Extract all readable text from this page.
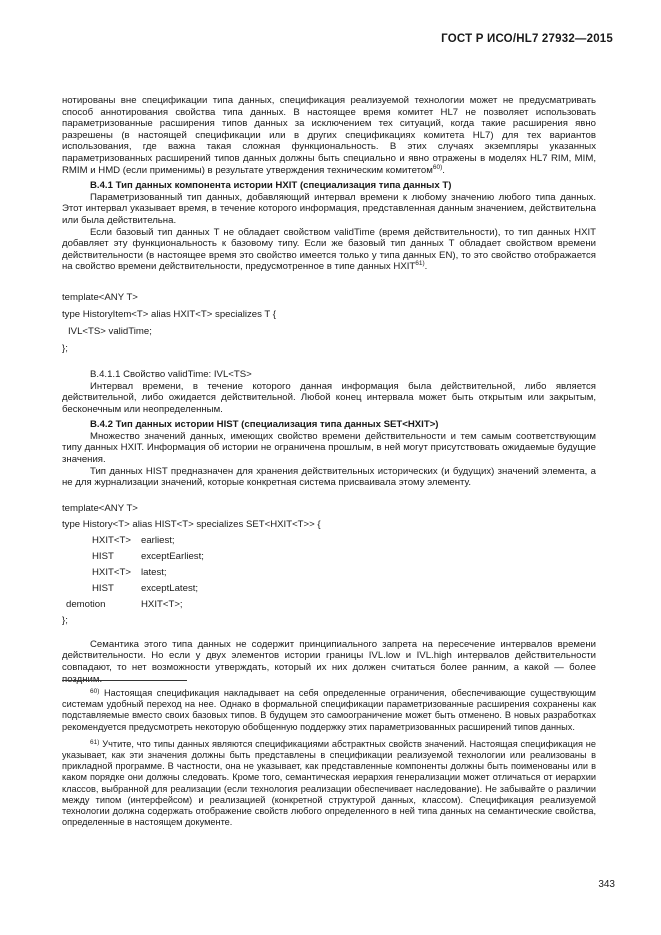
ГОСТ Р ИСО/HL7 27932—2015

нотированы вне спецификации типа данных, спецификация реализуемой технологии может не предусматривать способ аннотирования свойства типа данных. В настоящее время комитет HL7 не позволяет использовать параметризованные расширения типов данных за исключением тех ситуаций, когда такие расширения явно разрешены (в настоящей спецификации или в других спецификациях комитета HL7) для тех вариантов использования, где важна такая сложная функциональность. В этих случаях экземпляры указанных параметризованных расширений типов данных должны быть специально и явно отражены в моделях HL7 RIM, MIM, RMIM и HMD (если применимы) в результате утверждения техническим комитетом$^{60)}$.

B.4.1 Тип данных компонента истории HXIT (специализация типа данных Т)

Параметризованный тип данных, добавляющий интервал времени к любому значению любого типа данных. Этот интервал указывает время, в течение которого информация, представленная данным значением, действительна или была действительна.

Если базовый тип данных Т не обладает свойством validTime (время действительности), то тип данных HXIT добавляет эту функциональность к базовому типу. Если же базовый тип данных Т обладает свойством времени действительности (в настоящее время это свойство имеется только у типа данных EN), то это свойство отображается на свойство времени действительности, предусмотренное в типе данных HXIT$^{61)}$.

template<ANY T>
type HistoryItem<T> alias HXIT<T> specializes T {
IVL<TS> validTime;
};

B.4.1.1 Свойство validTime: IVL<TS>

Интервал времени, в течение которого данная информация была действительной, либо является действительной, либо ожидается действительной. Любой конец интервала может быть открытым или закрытым, бесконечным или неопределенным.

B.4.2 Тип данных истории HIST (специализация типа данных SET<HXIT>)

Множество значений данных, имеющих свойство времени действительности и тем самым соответствующим типу данных HXIT. Информация об истории не ограничена прошлым, в ней могут присутствовать ожидаемые будущие значения.

Тип данных HIST предназначен для хранения действительных исторических (и будущих) значений элемента, а не для журнализации значений, которые конкретная система присваивала этому элементу.

template<ANY T>
type History<T> alias HIST<T> specializes SET<HXIT<T>> {
HXIT<T> earliest;
HIST	exceptEarliest;
HXIT<T> latest;
HIST	exceptLatest;
demotion	HXIT<T>;
};

Семантика этого типа данных не содержит принципиального запрета на пересечение интервалов времени действительности. Но если у двух элементов истории границы IVL.low и IVL.high интервалов действительности совпадают, то нет возможности утверждать, который их них должен считаться более ранним, а какой — более поздним.

$^{60)}$ Настоящая спецификация накладывает на себя определенные ограничения, обеспечивающие существующим системам удобный переход на нее. Однако в формальной спецификации параметризованные расширения сохранены как подставляемые вместо своих базовых типов. В будущем это самоограничение может быть отменено. В новых разработках рекомендуется предусмотреть некоторую обобщенную поддержку этих параметризованных расширений типов данных.

$^{61)}$ Учтите, что типы данных являются спецификациями абстрактных свойств значений. Настоящая спецификация не указывает, как эти значения должны быть представлены в спецификации реализуемой технологии или реализованы в прикладной программе. В частности, она не указывает, как представленные компоненты должны быть поименованы или в каком порядке они должны следовать. Кроме того, семантическая иерархия генерализации может отличаться от иерархии классов, выбранной для реализации (если технология реализации обеспечивает наследование). Не забывайте о различии между типом (интерфейсом) и реализацией (конкретной структурой данных, классом). Спецификация реализуемой технологии должна содержать отображение свойств любого определенного в ней типа данных на семантические свойства, определенные в настоящем документе.

343
